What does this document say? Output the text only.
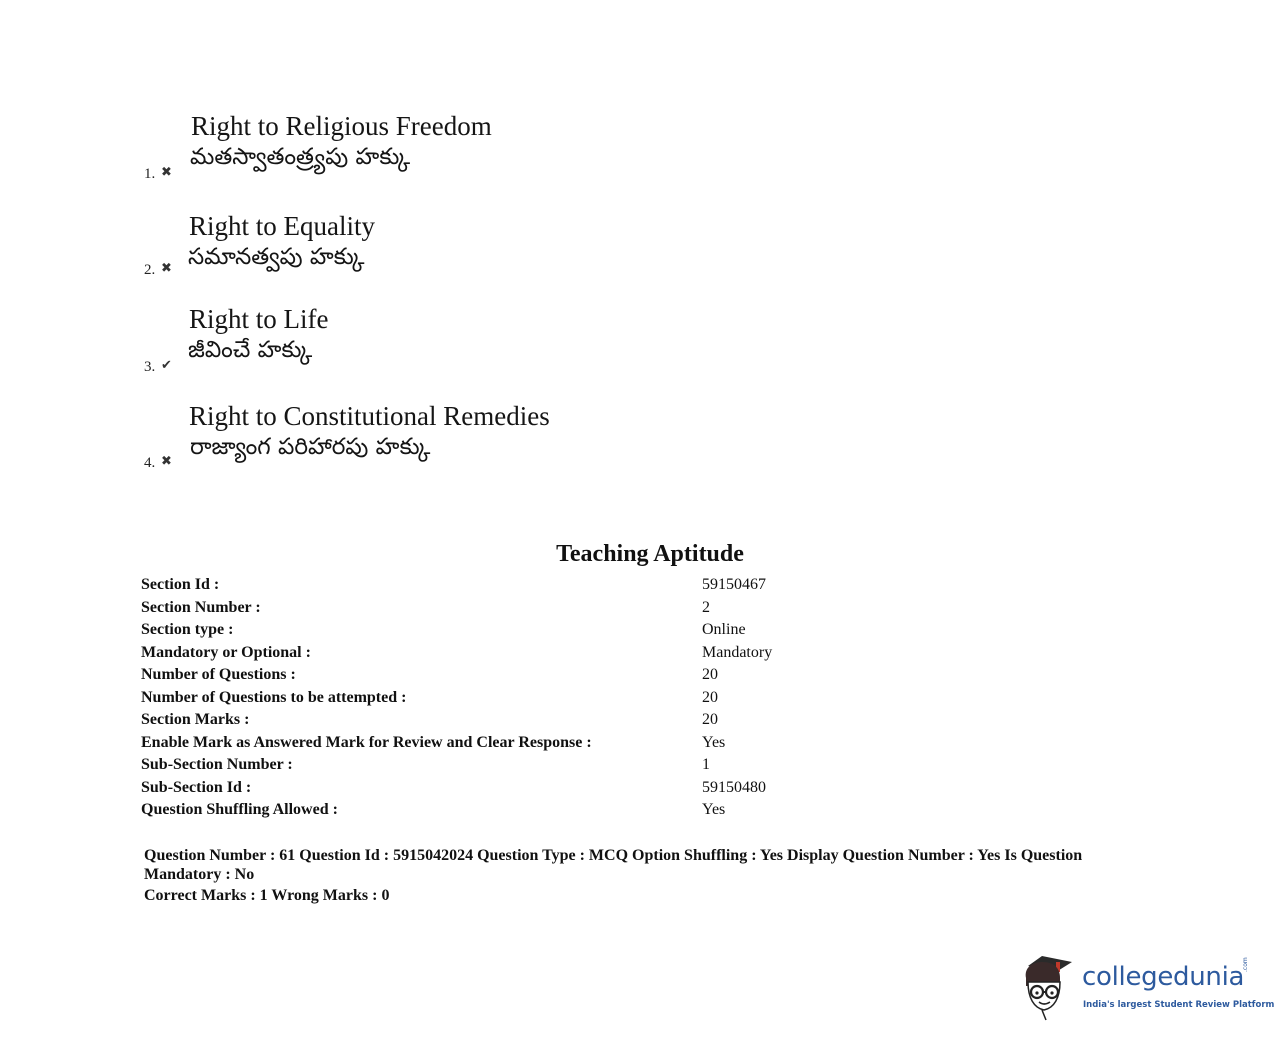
Right to Religious Freedom
మతస్వాతంత్ర్యపు హక్కు
1. ✖
Right to Equality
సమానత్వపు హక్కు
2. ✖
Right to Life
జీవించే హక్కు
3. ✔
Right to Constitutional Remedies
రాజ్యాంగ పరిహారపు హక్కు
4. ✖
Teaching Aptitude
Section Id :	59150467
Section Number :	2
Section type :	Online
Mandatory or Optional :	Mandatory
Number of Questions :	20
Number of Questions to be attempted :	20
Section Marks :	20
Enable Mark as Answered Mark for Review and Clear Response :	Yes
Sub-Section Number :	1
Sub-Section Id :	59150480
Question Shuffling Allowed :	Yes
Question Number : 61 Question Id : 5915042024 Question Type : MCQ Option Shuffling : Yes Display Question Number : Yes Is Question Mandatory : No
Correct Marks : 1 Wrong Marks : 0
collegedunia
.com
India's largest Student Review Platform
